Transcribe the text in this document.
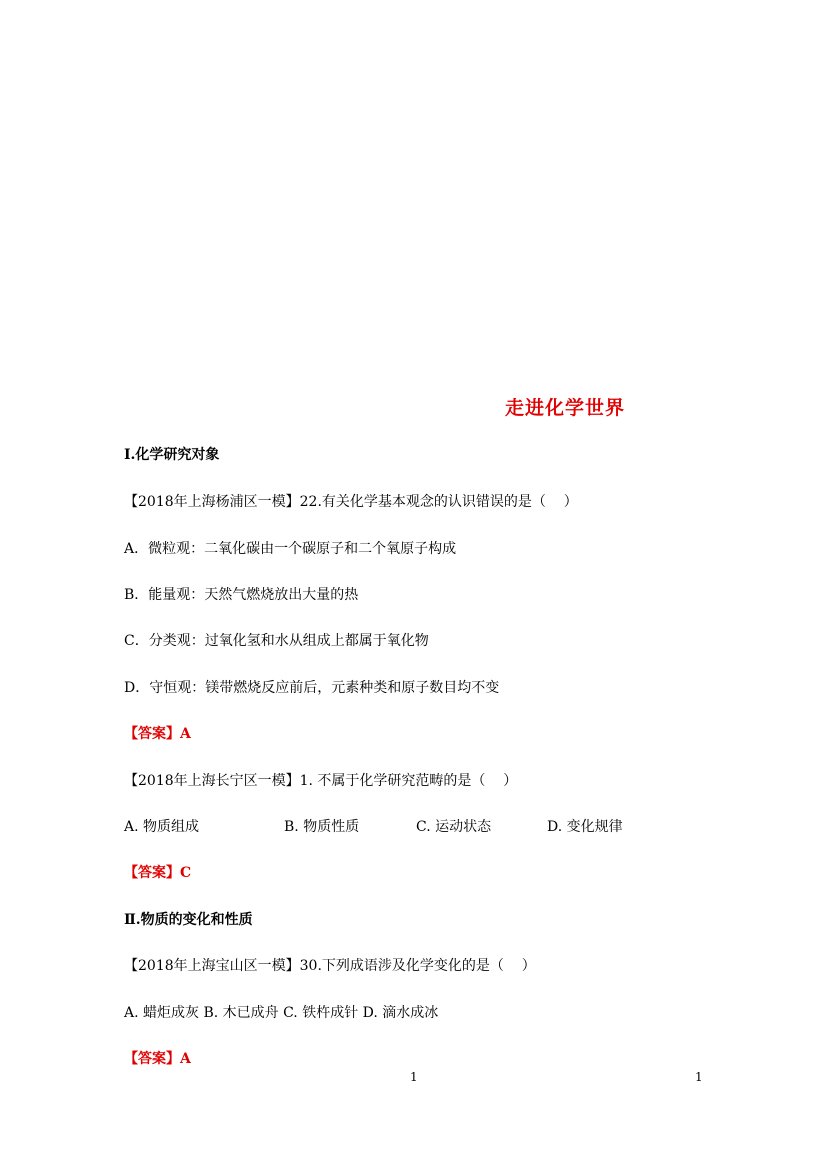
走进化学世界
Ⅰ.化学研究对象
【2018年上海杨浦区一模】22.有关化学基本观念的认识错误的是（    ）
A．微粒观：二氧化碳由一个碳原子和二个氧原子构成
B．能量观：天然气燃烧放出大量的热
C．分类观：过氧化氢和水从组成上都属于氧化物
D．守恒观：镁带燃烧反应前后，元素种类和原子数目均不变
【答案】A
【2018年上海长宁区一模】1. 不属于化学研究范畴的是（    ）
A. 物质组成	B. 物质性质	C. 运动状态	D. 变化规律
【答案】C
Ⅱ.物质的变化和性质
【2018年上海宝山区一模】30.下列成语涉及化学变化的是（    ）
A. 蜡炬成灰 B. 木已成舟 C. 铁杵成针 D. 滴水成冰
【答案】A
1	1
